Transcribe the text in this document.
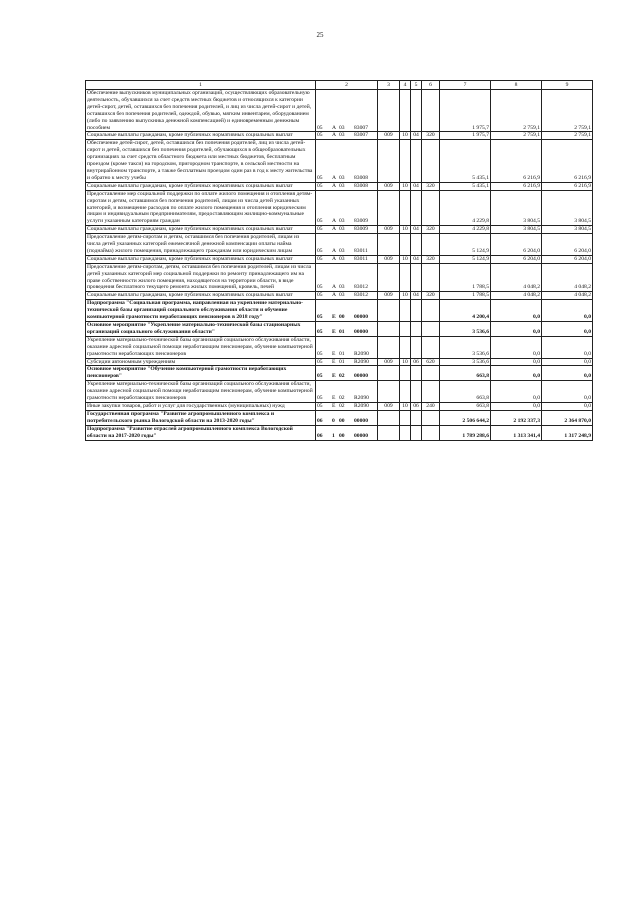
25
1	2	3	4	5	6	7	8	9
Обеспечение выпускников муниципальных организаций, осуществляющих образовательную деятельность, обучавшихся за счет средств местных бюджетов и относящихся к категории детей-сирот, детей, оставшихся без попечения родителей, и лиц из числа детей-сирот и детей, оставшихся без попечения родителей, одеждой, обувью, мягким инвентарем, оборудованием (либо по заявлению выпускника денежной компенсацией) и единовременным денежным пособием	05 А 03 83007					1 975,7	2 759,1	2 759,1
Социальные выплаты гражданам, кроме публичных нормативных социальных выплат	05 А 03 83007	009	10	04	320	1 975,7	2 759,1	2 759,1
Обеспечение детей-сирот, детей, оставшихся без попечения родителей, лиц из числа детей-сирот и детей, оставшихся без попечения родителей, обучающихся в общеобразовательных организациях за счет средств областного бюджета или местных бюджетов, бесплатным проездом (кроме такси) на городском, пригородном транспорте, в сельской местности на внутрирайонном транспорте, а также бесплатным проездом один раз в год к месту жительства и обратно к месту учебы	05 А 03 83008					5 435,1	6 216,9	6 216,9
Социальные выплаты гражданам, кроме публичных нормативных социальных выплат	05 А 03 83008	009	10	04	320	5 435,1	6 216,9	6 216,9
Предоставление мер социальной поддержки по оплате жилого помещения и отопления детям-сиротам и детям, оставшимся без попечения родителей, лицам из числа детей указанных категорий, и возмещение расходов по оплате жилого помещения и отопления юридическим лицам и индивидуальным предпринимателям, предоставляющим жилищно-коммунальные услуги указанным категориям граждан	05 А 03 83009					4 229,8	3 804,5	3 804,5
Социальные выплаты гражданам, кроме публичных нормативных социальных выплат	05 А 03 83009	009	10	04	320	4 229,8	3 804,5	3 804,5
Предоставление детям-сиротам и детям, оставшимся без попечения родителей, лицам из числа детей указанных категорий ежемесячной денежной компенсации оплаты найма (поднайма) жилого помещения, принадлежащего гражданам или юридическим лицам	05 А 03 83011					5 124,9	6 204,0	6 204,0
Социальные выплаты гражданам, кроме публичных нормативных социальных выплат	05 А 03 83011	009	10	04	320	5 124,9	6 204,0	6 204,0
Предоставление детям-сиротам, детям, оставшимся без попечения родителей, лицам из числа детей указанных категорий мер социальной поддержки по ремонту принадлежащего им на праве собственности жилого помещения, находящегося на территории области, в виде проведения бесплатного текущего ремонта жилых помещений, кровель, печей	05 А 03 83012					1 788,5	4 048,2	4 048,2
Социальные выплаты гражданам, кроме публичных нормативных социальных выплат	05 А 03 83012	009	10	04	320	1 788,5	4 048,2	4 048,2
Подпрограмма "Социальная программа, направленная на укрепление материально-технической базы организаций социального обслуживания области и обучение компьютерной грамотности неработающих пенсионеров в 2018 году"	05 Е 00 00000					4 200,4	0,0	0,0
Основное мероприятие "Укрепление материально-технической базы стационарных организаций социального обслуживания области"	05 Е 01 00000					3 536,6	0,0	0,0
Укрепление материально-технической базы организаций социального обслуживания области, оказание адресной социальной помощи неработающим пенсионерам, обучение компьютерной грамотности неработающих пенсионеров	05 Е 01 R2090					3 536,6	0,0	0,0
Субсидии автономным учреждениям	05 Е 01 R2090	009	10	06	620	3 536,6	0,0	0,0
Основное мероприятие "Обучение компьютерной грамотности неработающих пенсионеров"	05 Е 02 00000					663,8	0,0	0,0
Укрепление материально-технической базы организаций социального обслуживания области, оказание адресной социальной помощи неработающим пенсионерам, обучение компьютерной грамотности неработающих пенсионеров	05 Е 02 R2090					663,8	0,0	0,0
Иные закупки товаров, работ и услуг для государственных (муниципальных) нужд	05 Е 02 R2090	009	10	06	240	663,8	0,0	0,0
Государственная программа "Развитие агропромышленного комплекса и потребительского рынка Вологодской области на 2013-2020 годы"	06 0 00 00000					2 506 644,2	2 192 337,3	2 364 870,0
Подпрограмма "Развитие отраслей агропромышленного комплекса Вологодской области на 2017-2020 годы"	06 1 00 00000					1 789 288,6	1 313 341,4	1 317 248,9
